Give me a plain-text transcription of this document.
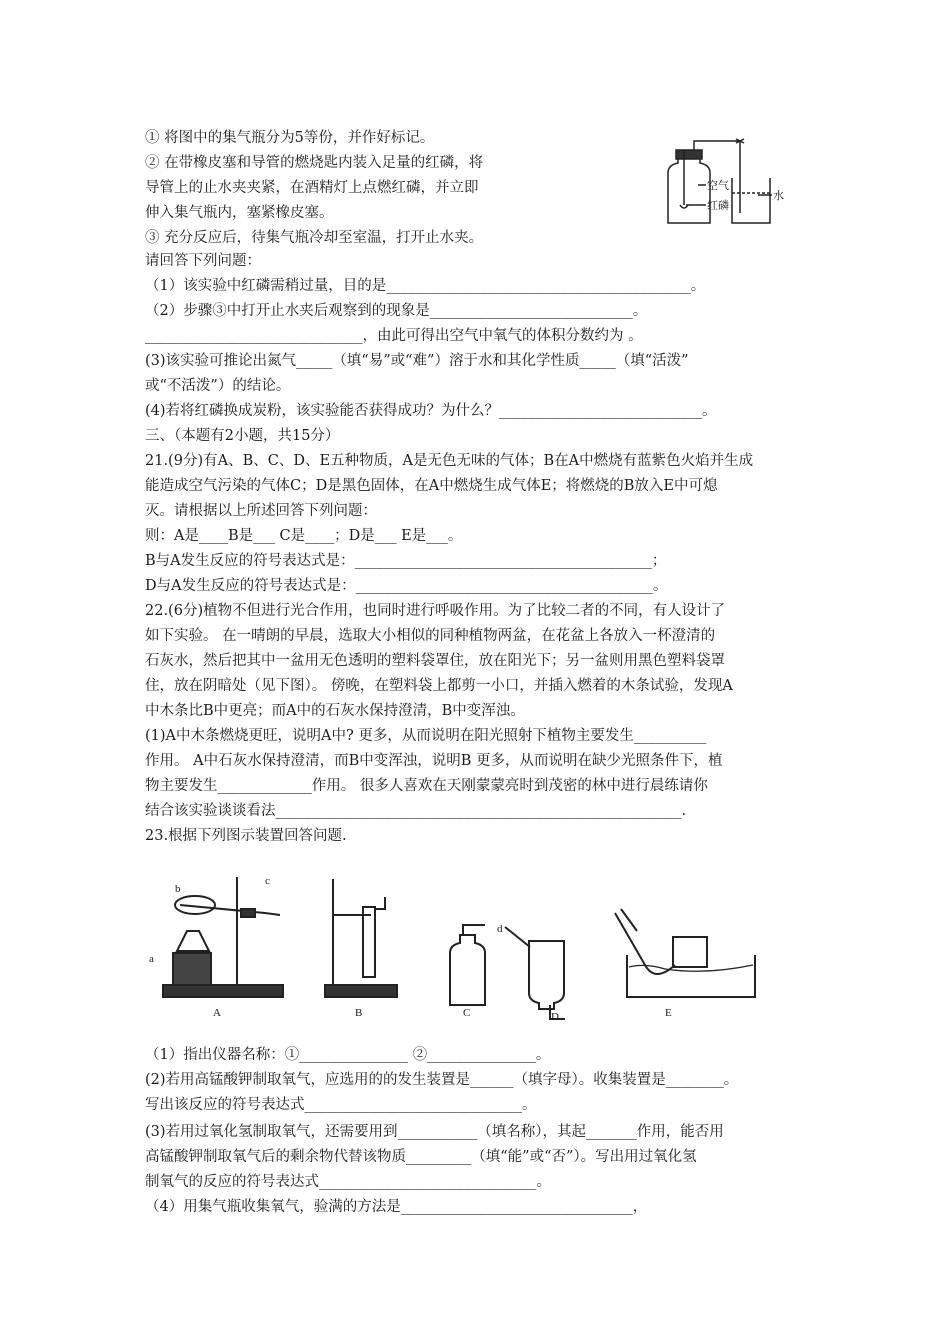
① 将图中的集气瓶分为5等份，并作好标记。
② 在带橡皮塞和导管的燃烧匙内装入足量的红磷，将
导管上的止水夹夹紧，在酒精灯上点燃红磷，并立即
伸入集气瓶内，塞紧橡皮塞。
③ 充分反应后，待集气瓶冷却至室温，打开止水夹。
请回答下列问题：
（1）该实验中红磷需稍过量，目的是__________________________________________。
（2）步骤③中打开止水夹后观察到的现象是____________________________。
______________________________，由此可得出空气中氧气的体积分数约为 。
(3)该实验可推论出氮气_____（填“易”或“难”）溶于水和其化学性质_____（填“活泼”
或“不活泼”）的结论。
(4)若将红磷换成炭粉，该实验能否获得成功？为什么？____________________________。
三、（本题有2小题，共15分）
21.(9分)有A、B、C、D、E五种物质，A是无色无味的气体；B在A中燃烧有蓝紫色火焰并生成
能造成空气污染的气体C；D是黑色固体，在A中燃烧生成气体E；将燃烧的B放入E中可熄
灭。请根据以上所述回答下列问题：
则：A是____B是___ C是____；D是___ E是___。
B与A发生反应的符号表达式是：_________________________________________；
D与A发生反应的符号表达式是：_________________________________________。
22.(6分)植物不但进行光合作用，也同时进行呼吸作用。为了比较二者的不同，有人设计了
如下实验。 在一晴朗的早晨，选取大小相似的同种植物两盆，在花盆上各放入一杯澄清的
石灰水，然后把其中一盆用无色透明的塑料袋罩住，放在阳光下；另一盆则用黑色塑料袋罩
住，放在阴暗处（见下图）。 傍晚，在塑料袋上都剪一小口，并插入燃着的木条试验，发现A
中木条比B中更亮；而A中的石灰水保持澄清，B中变浑浊。
(1)A中木条燃烧更旺，说明A中? 更多，从而说明在阳光照射下植物主要发生__________
作用。 A中石灰水保持澄清，而B中变浑浊，说明B 更多，从而说明在缺少光照条件下，植
物主要发生_____________作用。 很多人喜欢在天刚蒙蒙亮时到茂密的林中进行晨练请你
结合该实验谈谈看法________________________________________________________.
23.根据下列图示装置回答问题.
（1）指出仪器名称：①_______________ ②_______________。
(2)若用高锰酸钾制取氧气，应选用的的发生装置是______（填字母）。收集装置是________。
写出该反应的符号表达式______________________________。
(3)若用过氧化氢制取氧气，还需要用到___________（填名称），其起_______作用，能否用
高锰酸钾制取氧气后的剩余物代替该物质_________（填“能”或“否”）。写出用过氧化氢
制氧气的反应的符号表达式______________________________。
（4）用集气瓶收集氧气，验满的方法是________________________________，
空气
红磷
水
b
c
a
d
A	B	C	D	E
